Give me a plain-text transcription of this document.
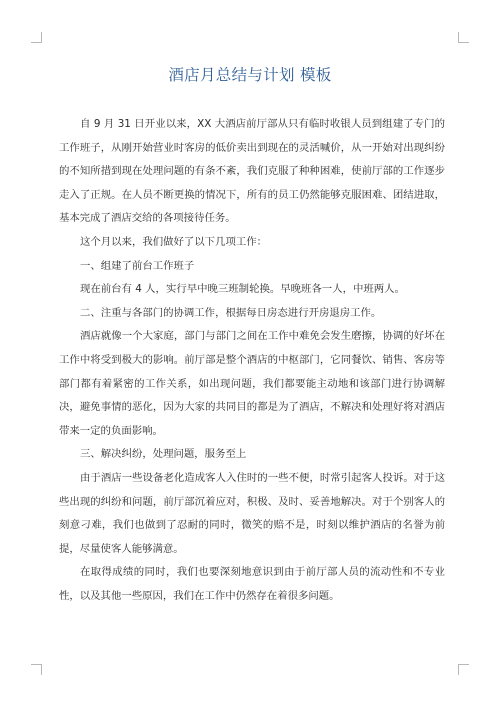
酒店月总结与计划 模板

自 9 月 31 日开业以来，XX 大酒店前厅部从只有临时收银人员到组建了专门的工作班子，从刚开始营业时客房的低价卖出到现在的灵活喊价，从一开始对出现纠纷的不知所措到现在处理问题的有条不紊，我们克服了种种困难，使前厅部的工作逐步走入了正规。在人员不断更换的情况下，所有的员工仍然能够克服困难、团结进取，基本完成了酒店交给的各项接待任务。

这个月以来，我们做好了以下几项工作：

一、组建了前台工作班子

现在前台有 4 人，实行早中晚三班制轮换。早晚班各一人，中班两人。

二、注重与各部门的协调工作，根据每日房态进行开房退房工作。

酒店就像一个大家庭，部门与部门之间在工作中难免会发生磨擦，协调的好坏在工作中将受到极大的影响。前厅部是整个酒店的中枢部门，它同餐饮、销售、客房等部门都有着紧密的工作关系，如出现问题，我们都要能主动地和该部门进行协调解决，避免事情的恶化，因为大家的共同目的都是为了酒店，不解决和处理好将对酒店带来一定的负面影响。

三、解决纠纷，处理问题，服务至上

由于酒店一些设备老化造成客人入住时的一些不便，时常引起客人投诉。对于这些出现的纠纷和问题，前厅部沉着应对，积极、及时、妥善地解决。对于个别客人的刻意刁难，我们也做到了忍耐的同时，微笑的赔不是，时刻以维护酒店的名誉为前提，尽量使客人能够满意。

在取得成绩的同时，我们也要深刻地意识到由于前厅部人员的流动性和不专业性，以及其他一些原因，我们在工作中仍然存在着很多问题。
